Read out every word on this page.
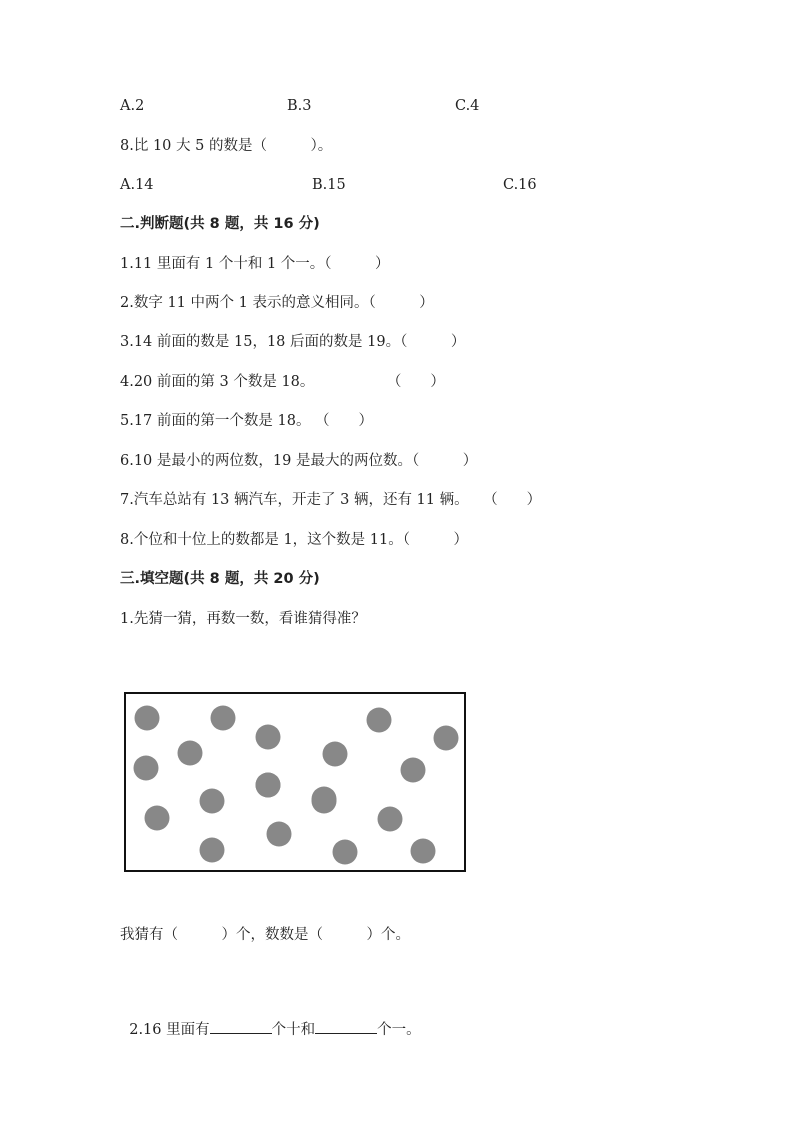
A.2	B.3	C.4
8.比 10 大 5 的数是（　　　）。
A.14	B.15	C.16
二.判断题(共 8 题，共 16 分)
1.11 里面有 1 个十和 1 个一。（　　　）
2.数字 11 中两个 1 表示的意义相同。（　　　）
3.14 前面的数是 15，18 后面的数是 19。（　　　）
4.20 前面的第 3 个数是 18。　　　　　　（　　）
5.17 前面的第一个数是 18。 （　　）
6.10 是最小的两位数，19 是最大的两位数。（　　　）
7.汽车总站有 13 辆汽车，开走了 3 辆，还有 11 辆。　　（　　）
8.个位和十位上的数都是 1，这个数是 11。（　　　）
三.填空题(共 8 题，共 20 分)
1.先猜一猜，再数一数，看谁猜得准？
我猜有（　　　）个，数数是（　　　）个。

2.16 里面有	个十和	个一。
